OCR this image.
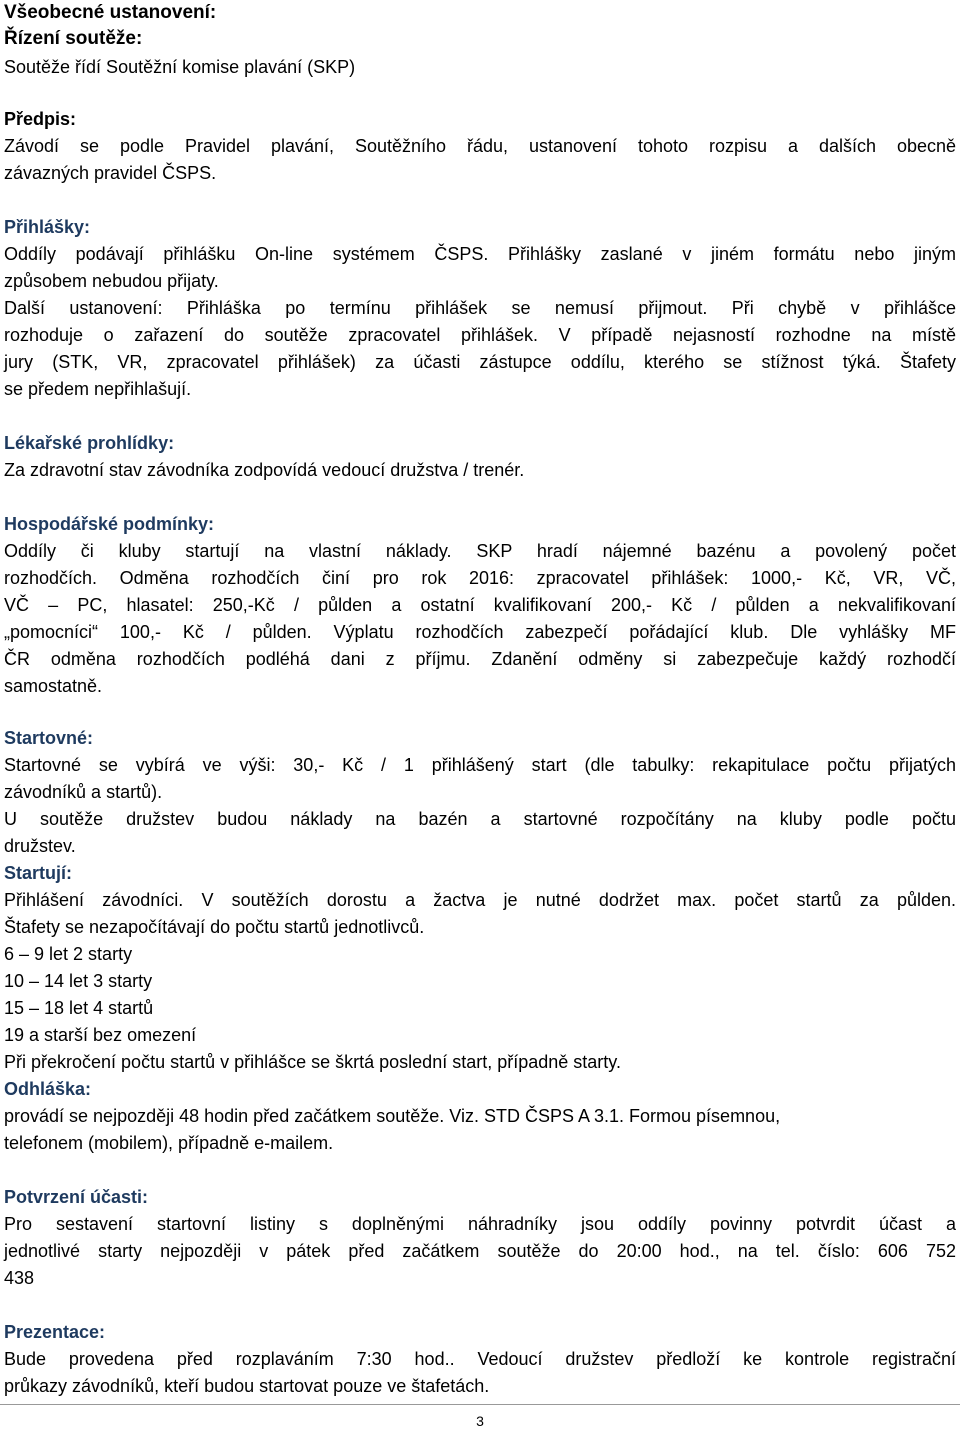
Všeobecné ustanovení:
Řízení soutěže:
Soutěže řídí Soutěžní komise plavání (SKP)
Předpis:
Závodí se podle Pravidel plavání, Soutěžního řádu, ustanovení tohoto rozpisu a dalších obecně
závazných pravidel ČSPS.
Přihlášky:
Oddíly podávají přihlášku On-line systémem ČSPS. Přihlášky zaslané v jiném formátu nebo jiným
způsobem nebudou přijaty.
Další ustanovení: Přihláška po termínu přihlášek se nemusí přijmout. Při chybě v přihlášce
rozhoduje o zařazení do soutěže zpracovatel přihlášek. V případě nejasností rozhodne na místě
jury (STK, VR, zpracovatel přihlášek) za účasti zástupce oddílu, kterého se stížnost týká. Štafety
se předem nepřihlašují.
Lékařské prohlídky:
Za zdravotní stav závodníka zodpovídá vedoucí družstva / trenér.
Hospodářské podmínky:
Oddíly či kluby startují na vlastní náklady. SKP hradí nájemné bazénu a povolený počet
rozhodčích. Odměna rozhodčích činí pro rok 2016: zpracovatel přihlášek: 1000,- Kč, VR, VČ,
VČ – PC, hlasatel: 250,-Kč / půlden a ostatní kvalifikovaní 200,- Kč / půlden a nekvalifikovaní
„pomocníci“ 100,- Kč / půlden. Výplatu rozhodčích zabezpečí pořádající klub. Dle vyhlášky MF
ČR odměna rozhodčích podléhá dani z příjmu. Zdanění odměny si zabezpečuje každý rozhodčí
samostatně.
Startovné:
Startovné se vybírá ve výši: 30,- Kč / 1 přihlášený start (dle tabulky: rekapitulace počtu přijatých
závodníků a startů).
U soutěže družstev budou náklady na bazén a startovné rozpočítány na kluby podle počtu
družstev.
Startují:
Přihlášení závodníci. V soutěžích dorostu a žactva je nutné dodržet max. počet startů za půlden.
Štafety se nezapočítávají do počtu startů jednotlivců.
6 – 9 let 2 starty
10 – 14 let 3 starty
15 – 18 let 4 startů
19 a starší bez omezení
Při překročení počtu startů v přihlášce se škrtá poslední start, případně starty.
Odhláška:
provádí se nejpozději 48 hodin před začátkem soutěže. Viz. STD ČSPS A 3.1. Formou písemnou,
telefonem (mobilem), případně e-mailem.
Potvrzení účasti:
Pro sestavení startovní listiny s doplněnými náhradníky jsou oddíly povinny potvrdit účast a
jednotlivé starty nejpozději v pátek před začátkem soutěže do 20:00 hod., na tel. číslo: 606 752
438
Prezentace:
Bude provedena před rozplaváním 7:30 hod.. Vedoucí družstev předloží ke kontrole registrační
průkazy závodníků, kteří budou startovat pouze ve štafetách.
3
